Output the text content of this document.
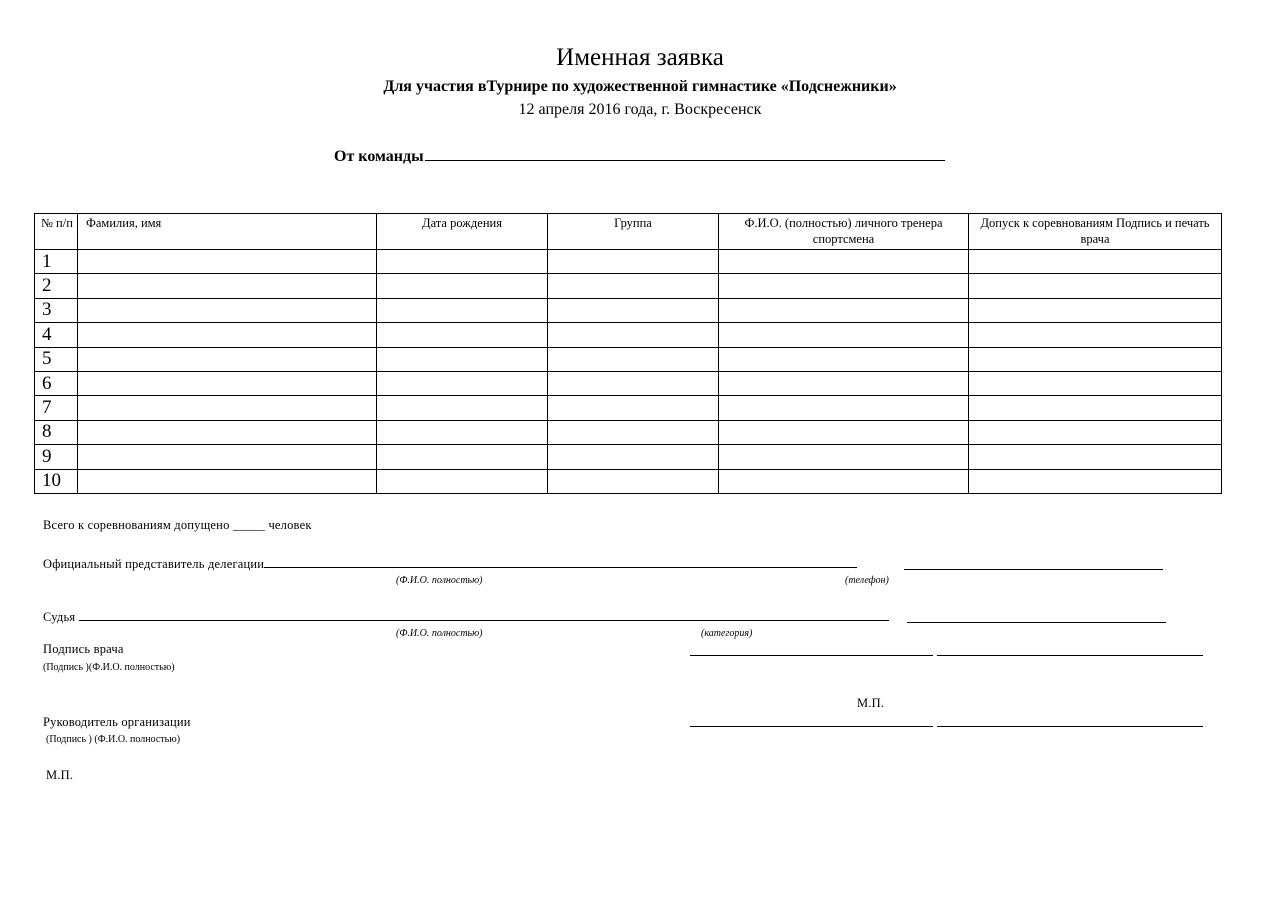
Именная заявка
Для участия вТурнире по художественной гимнастике «Подснежники»
12 апреля 2016 года, г. Воскресенск
От команды
№ п/п	Фамилия, имя	Дата рождения	Группа	Ф.И.О. (полностью) личного тренера спортсмена	Допуск к соревнованиям Подпись и печать врача
1					
2					
3					
4					
5					
6					
7					
8					
9					
10					
Всего к соревнованиям допущено _____ человек
Официальный представитель делегации
(Ф.И.О. полностью)	(телефон)
Судья
(Ф.И.О. полностью)	(категория)
Подпись врача
(Подпись )(Ф.И.О. полностью)
М.П.
Руководитель организации
(Подпись ) (Ф.И.О. полностью)
М.П.
